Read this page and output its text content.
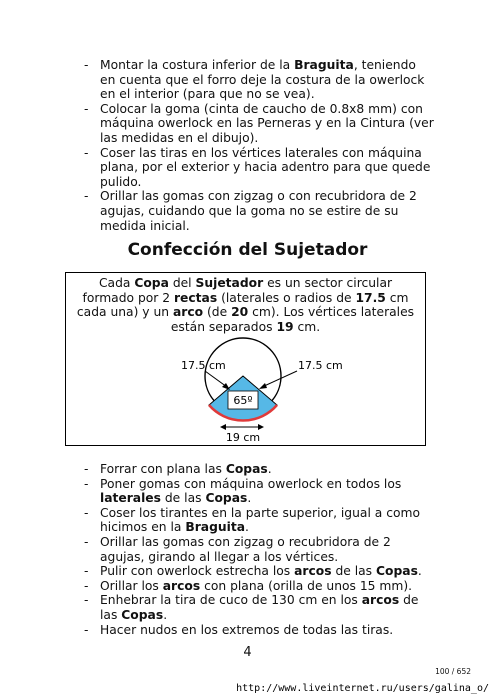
- Montar la costura inferior de la Braguita, teniendo en cuenta que el forro deje la costura de la owerlock en el interior (para que no se vea).
- Colocar la goma (cinta de caucho de 0.8x8 mm) con máquina owerlock en las Perneras y en la Cintura (ver las medidas en el dibujo).
- Coser las tiras en los vértices laterales con máquina plana, por el exterior y hacia adentro para que quede pulido.
- Orillar las gomas con zigzag o con recubridora de 2 agujas, cuidando que la goma no se estire de su medida inicial.
Confección del Sujetador
Cada Copa del Sujetador es un sector circular formado por 2 rectas (laterales o radios de 17.5 cm cada una) y un arco (de 20 cm). Los vértices laterales están separados 19 cm.
65º
17.5 cm	17.5 cm
19 cm
- Forrar con plana las Copas.
- Poner gomas con máquina owerlock en todos los laterales de las Copas.
- Coser los tirantes en la parte superior, igual a como hicimos en la Braguita.
- Orillar las gomas con zigzag o recubridora de 2 agujas, girando al llegar a los vértices.
- Pulir con owerlock estrecha los arcos de las Copas.
- Orillar los arcos con plana (orilla de unos 15 mm).
- Enhebrar la tira de cuco de 130 cm en los arcos de las Copas.
- Hacer nudos en los extremos de todas las tiras.
4
100 / 652
http://www.liveinternet.ru/users/galina_o/
